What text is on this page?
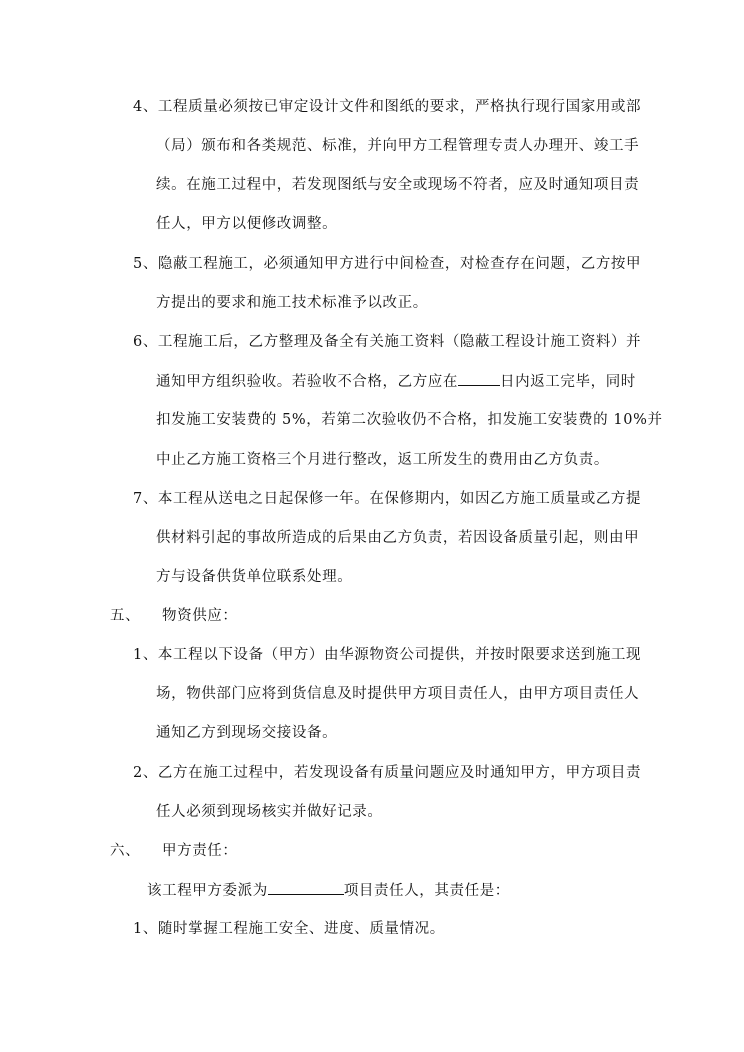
4、工程质量必须按已审定设计文件和图纸的要求，严格执行现行国家用或部
（局）颁布和各类规范、标准，并向甲方工程管理专责人办理开、竣工手
续。在施工过程中，若发现图纸与安全或现场不符者，应及时通知项目责
任人，甲方以便修改调整。
5、隐蔽工程施工，必须通知甲方进行中间检查，对检查存在问题，乙方按甲
方提出的要求和施工技术标准予以改正。
6、工程施工后，乙方整理及备全有关施工资料（隐蔽工程设计施工资料）并
通知甲方组织验收。若验收不合格，乙方应在	日内返工完毕，同时
扣发施工安装费的 5%，若第二次验收仍不合格，扣发施工安装费的 10%并
中止乙方施工资格三个月进行整改，返工所发生的费用由乙方负责。
7、本工程从送电之日起保修一年。在保修期内，如因乙方施工质量或乙方提
供材料引起的事故所造成的后果由乙方负责，若因设备质量引起，则由甲
方与设备供货单位联系处理。
五、 物资供应：
1、本工程以下设备（甲方）由华源物资公司提供，并按时限要求送到施工现
场，物供部门应将到货信息及时提供甲方项目责任人，由甲方项目责任人
通知乙方到现场交接设备。
2、乙方在施工过程中，若发现设备有质量问题应及时通知甲方，甲方项目责
任人必须到现场核实并做好记录。
六、 甲方责任：
该工程甲方委派为	项目责任人，其责任是：
1、随时掌握工程施工安全、进度、质量情况。
